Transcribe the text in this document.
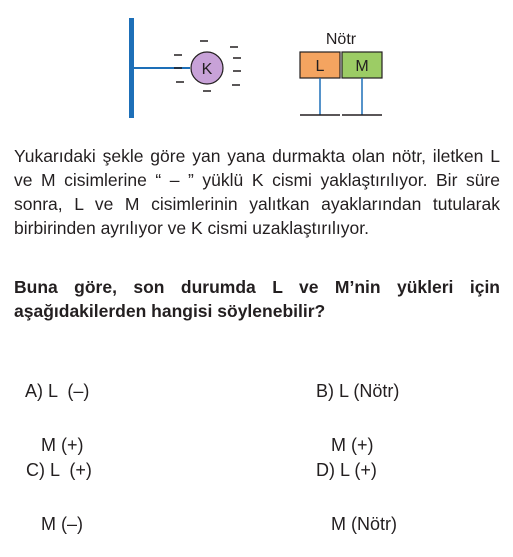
K
Nötr
L M

Yukarıdaki şekle göre yan yana durmakta olan nötr, iletken L ve M cisimlerine “ – ” yüklü K cismi yaklaştırılıyor. Bir süre sonra, L ve M cisimlerinin yalıtkan ayaklarından tutularak birbirinden ayrılıyor ve K cismi uzaklaştırılıyor.

Buna göre, son durumda L ve M’nin yükleri için aşağıdakilerden hangisi söylenebilir?

A) L  (–)

M (+)

B) L (Nötr)

M (+)

C) L  (+)

M (–)

D) L (+)

M (Nötr)
